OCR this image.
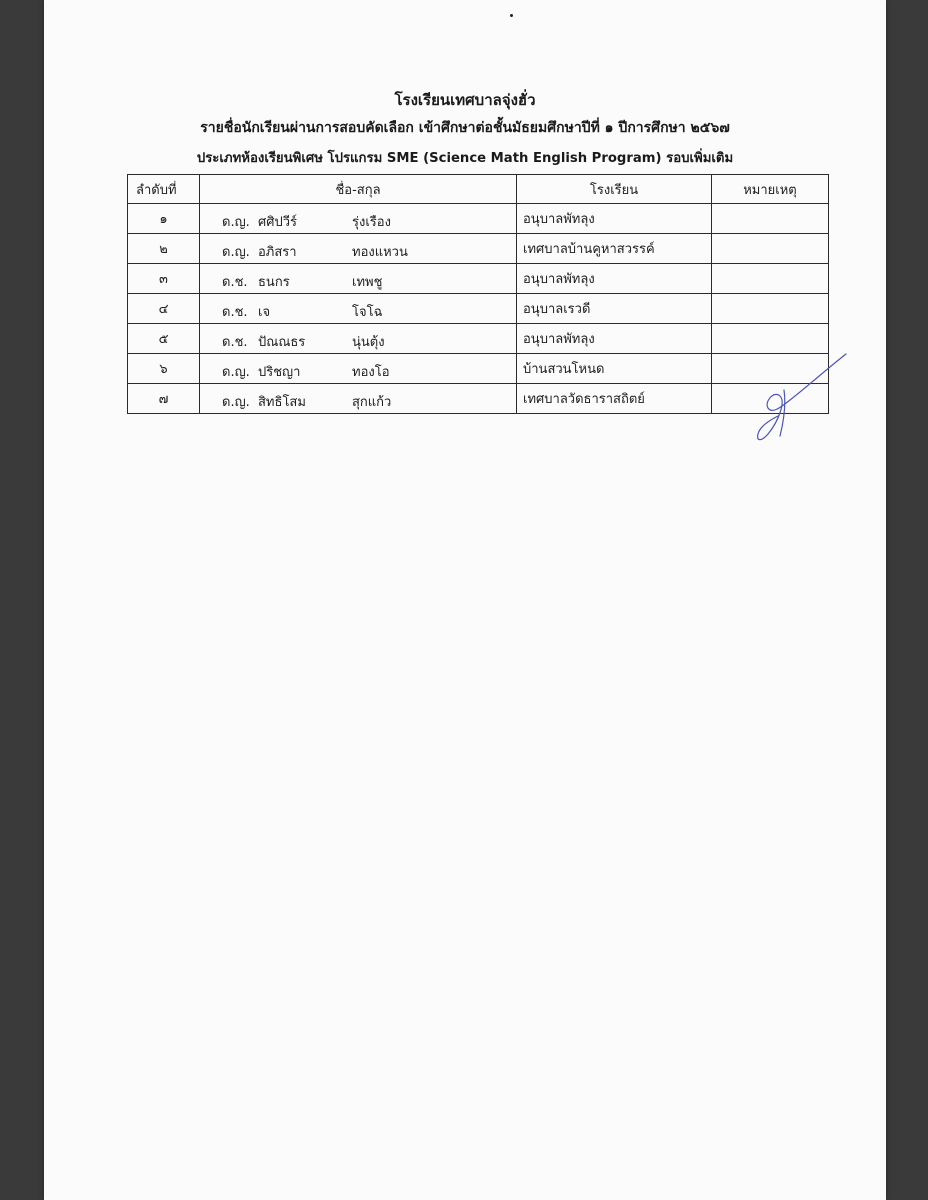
โรงเรียนเทศบาลจุ่งฮั่ว
รายชื่อนักเรียนผ่านการสอบคัดเลือก เข้าศึกษาต่อชั้นมัธยมศึกษาปีที่ ๑ ปีการศึกษา ๒๕๖๗
ประเภทห้องเรียนพิเศษ โปรแกรม SME (Science Math English Program) รอบเพิ่มเติม
ลำดับที่	ชื่อ-สกุล	โรงเรียน	หมายเหตุ
๑	ด.ญ. ศศิปวีร์ รุ่งเรือง	อนุบาลพัทลุง	
๒	ด.ญ. อภิสรา ทองแหวน	เทศบาลบ้านคูหาสวรรค์	
๓	ด.ช. ธนกร เทพชู	อนุบาลพัทลุง	
๔	ด.ช. เจ โจโฉ	อนุบาลเรวดี	
๕	ด.ช. ปัณณธร นุ่นตุ้ง	อนุบาลพัทลุง	
๖	ด.ญ. ปริชญา ทองโอ	บ้านสวนโหนด	
๗	ด.ญ. สิทธิโสม สุกแก้ว	เทศบาลวัดธาราสถิตย์	
